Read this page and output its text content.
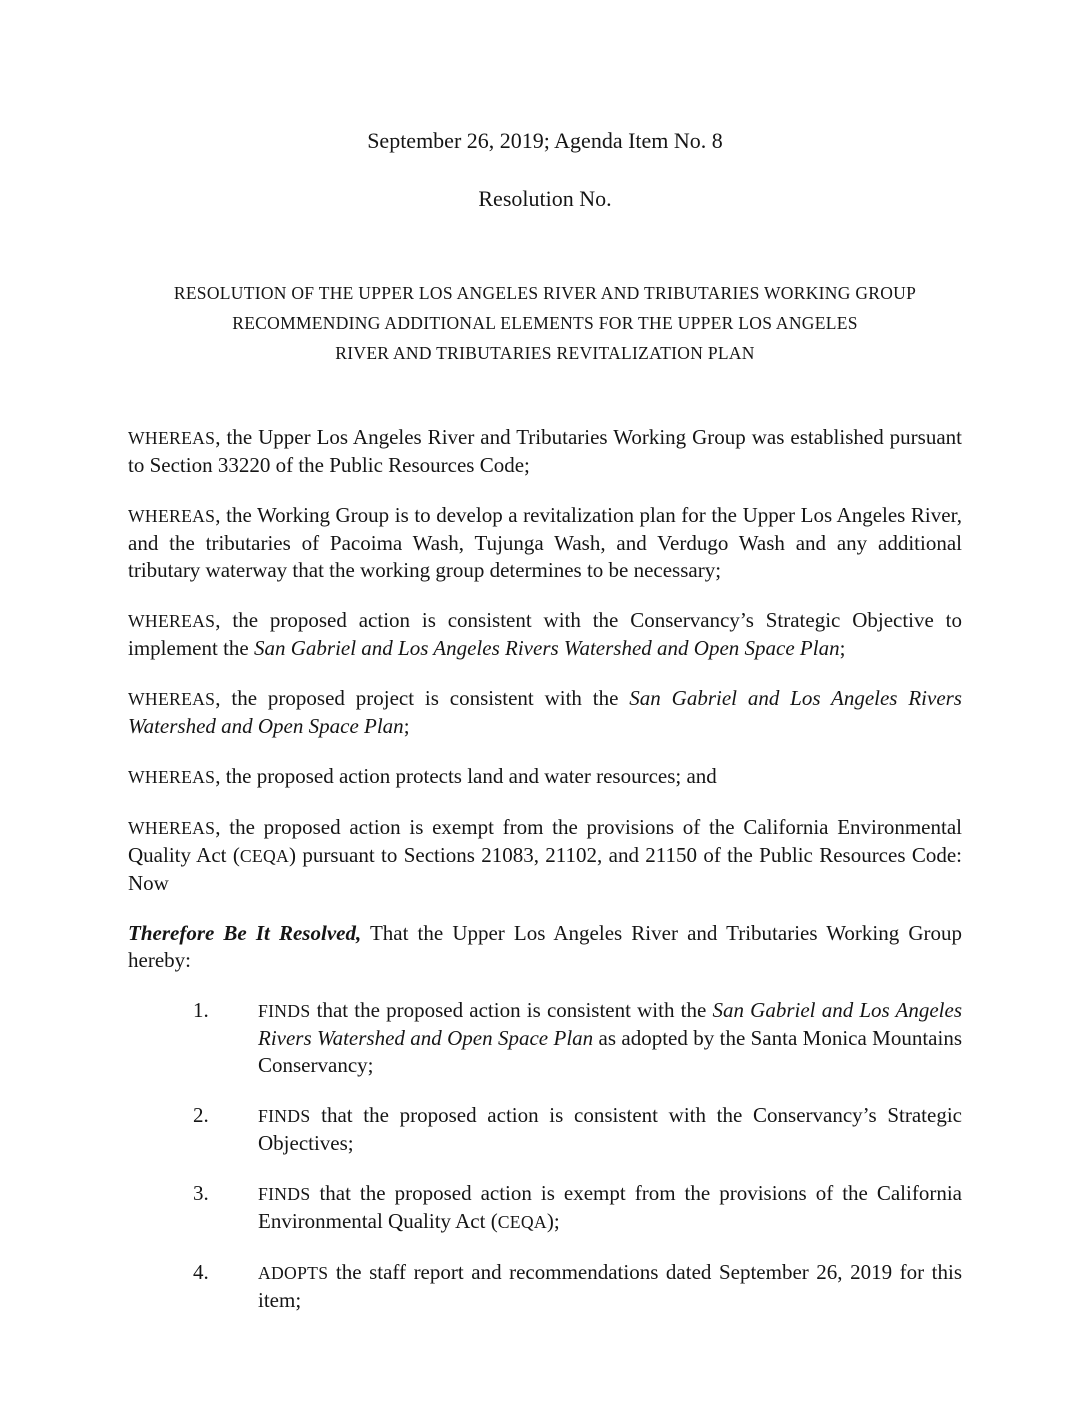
September 26, 2019; Agenda Item No. 8
Resolution No.
RESOLUTION OF THE UPPER LOS ANGELES RIVER AND TRIBUTARIES WORKING GROUP
RECOMMENDING ADDITIONAL ELEMENTS FOR THE UPPER LOS ANGELES
RIVER AND TRIBUTARIES REVITALIZATION PLAN

WHEREAS, the Upper Los Angeles River and Tributaries Working Group was established pursuant to Section 33220 of the Public Resources Code;

WHEREAS, the Working Group is to develop a revitalization plan for the Upper Los Angeles River, and the tributaries of Pacoima Wash, Tujunga Wash, and Verdugo Wash and any additional tributary waterway that the working group determines to be necessary;

WHEREAS, the proposed action is consistent with the Conservancy’s Strategic Objective to implement the San Gabriel and Los Angeles Rivers Watershed and Open Space Plan;

WHEREAS, the proposed project is consistent with the San Gabriel and Los Angeles Rivers Watershed and Open Space Plan;

WHEREAS, the proposed action protects land and water resources; and

WHEREAS, the proposed action is exempt from the provisions of the California Environmental Quality Act (CEQA) pursuant to Sections 21083, 21102, and 21150 of the Public Resources Code: Now

Therefore Be It Resolved, That the Upper Los Angeles River and Tributaries Working Group hereby:

1.	FINDS that the proposed action is consistent with the San Gabriel and Los Angeles Rivers Watershed and Open Space Plan as adopted by the Santa Monica Mountains Conservancy;

2.	FINDS that the proposed action is consistent with the Conservancy’s Strategic Objectives;

3.	FINDS that the proposed action is exempt from the provisions of the California Environmental Quality Act (CEQA);

4.	ADOPTS the staff report and recommendations dated September 26, 2019 for this item;
